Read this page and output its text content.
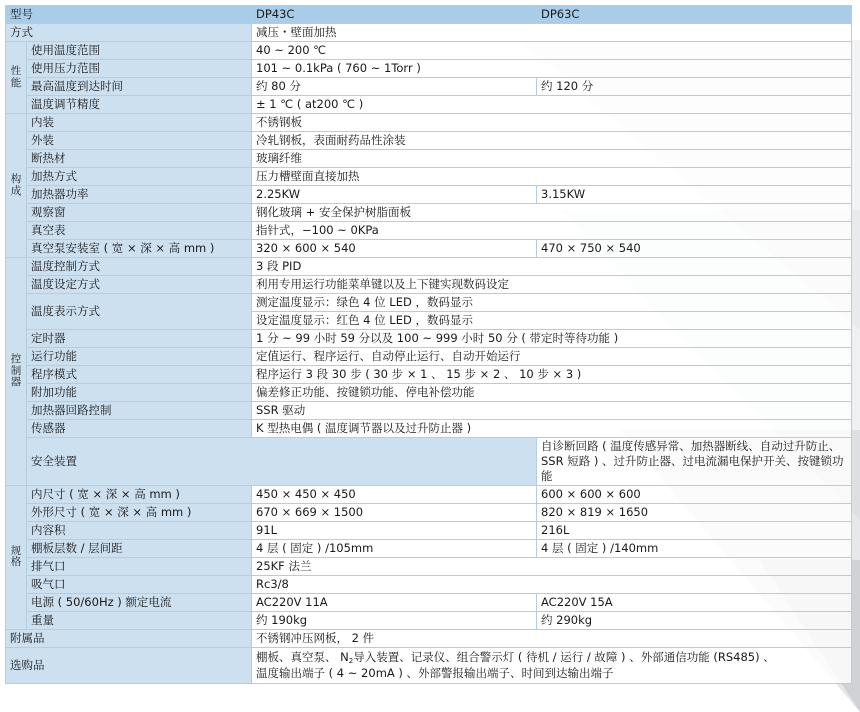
型号		DP43C	DP63C
方式		减压・壁面加热	
性
能	使用温度范围	40 ~ 200 ℃	
	使用压力范围	101 ~ 0.1kPa ( 760 ~ 1Torr )	
	最高温度到达时间	约 80 分	约 120 分
	温度调节精度	± 1 ℃ ( at200 ℃ )	
构
成	内装	不锈钢板	
	外装	冷轧钢板，表面耐药品性涂装	
	断热材	玻璃纤维	
	加热方式	压力槽壁面直接加热	
	加热器功率	2.25KW	3.15KW
	观察窗	钢化玻璃 + 安全保护树脂面板	
	真空表	指针式，−100 ~ 0KPa	
	真空泵安装室 ( 宽 × 深 × 高 mm )	320 × 600 × 540	470 × 750 × 540
控
制
器	温度控制方式	3 段 PID	
	温度设定方式	利用专用运行功能菜单键以及上下键实现数码设定	
	温度表示方式	测定温度显示：绿色 4 位 LED ，数码显示	
		设定温度显示：红色 4 位 LED ，数码显示	
	定时器	1 分 ~ 99 小时 59 分以及 100 ~ 999 小时 50 分 ( 带定时等待功能 )	
	运行功能	定值运行、程序运行、自动停止运行、自动开始运行	
	程序模式	程序运行 3 段 30 步 ( 30 步 × 1 、 15 步 × 2 、 10 步 × 3 )	
	附加功能	偏差修正功能、按键锁功能、停电补偿功能	
	加热器回路控制	SSR 驱动	
	传感器	K 型热电偶 ( 温度调节器以及过升防止器 )	
	安全装置		自诊断回路 ( 温度传感异常、加热器断线、自动过升防止、 SSR 短路 ) 、过升防止器、过电流漏电保护开关、按键锁功能
规
格	内尺寸 ( 宽 × 深 × 高 mm )	450 × 450 × 450	600 × 600 × 600
	外形尺寸 ( 宽 × 深 × 高 mm )	670 × 669 × 1500	820 × 819 × 1650
	内容积	91L	216L
	棚板层数 / 层间距	4 层 ( 固定 ) /105mm	4 层 ( 固定 ) /140mm
	排气口	25KF 法兰	
	吸气口	Rc3/8	
	电源 ( 50/60Hz ) 额定电流	AC220V 11A	AC220V 15A
	重量	约 190kg	约 290kg
附属品		不锈钢冲压网板， 2 件	
选购品		棚板、真空泵、 $N_2$导入装置、记录仪、组合警示灯 ( 待机 / 运行 / 故障 ) 、外部通信功能 (RS485) 、
温度输出端子 ( 4 ~ 20mA ) 、外部警报输出端子、时间到达输出端子	
